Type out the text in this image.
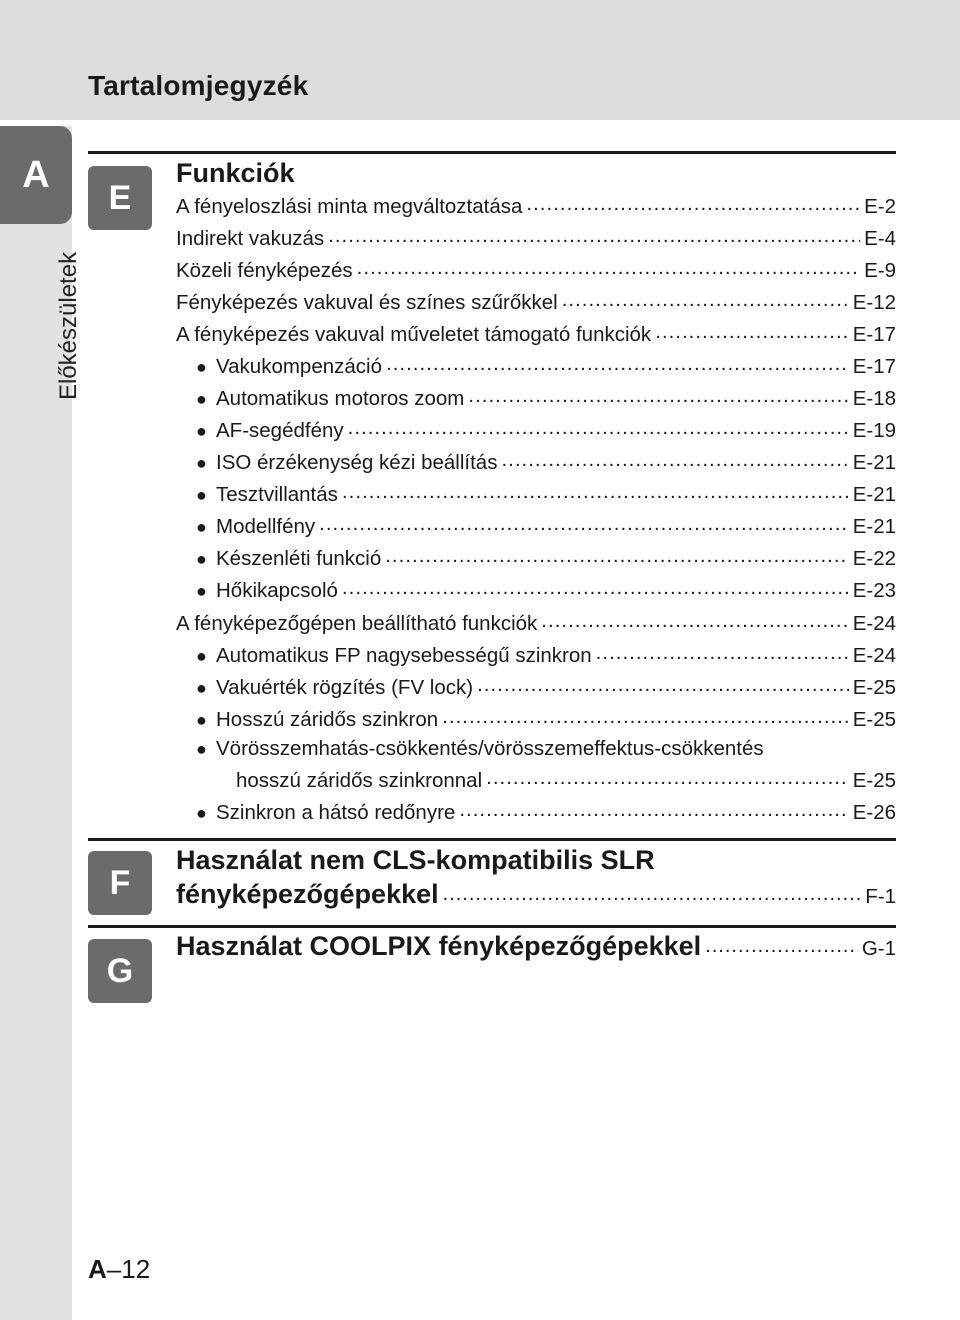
Tartalomjegyzék
A
Előkészületek
E
Funkciók
A fényeloszlási minta megváltoztatása .....	E-2
Indirekt vakuzás .....	E-4
Közeli fényképezés .....	E-9
Fényképezés vakuval és színes szűrőkkel .....	E-12
A fényképezés vakuval műveletet támogató funkciók .....	E-17
● Vakukompenzáció .....	E-17
● Automatikus motoros zoom .....	E-18
● AF-segédfény .....	E-19
● ISO érzékenység kézi beállítás .....	E-21
● Tesztvillantás .....	E-21
● Modellfény .....	E-21
● Készenléti funkció .....	E-22
● Hőkikapcsoló .....	E-23
A fényképezőgépen beállítható funkciók .....	E-24
● Automatikus FP nagysebességű szinkron .....	E-24
● Vakuérték rögzítés (FV lock) .....	E-25
● Hosszú záridős szinkron .....	E-25
● Vörösszemhatás-csökkentés/vörösszemeffektus-csökkentés
hosszú záridős szinkronnal .....	E-25
● Szinkron a hátsó redőnyre .....	E-26
F
Használat nem CLS-kompatibilis SLR
fényképezőgépekkel .....	F-1
G
Használat COOLPIX fényképezőgépekkel .....	G-1
A–12
